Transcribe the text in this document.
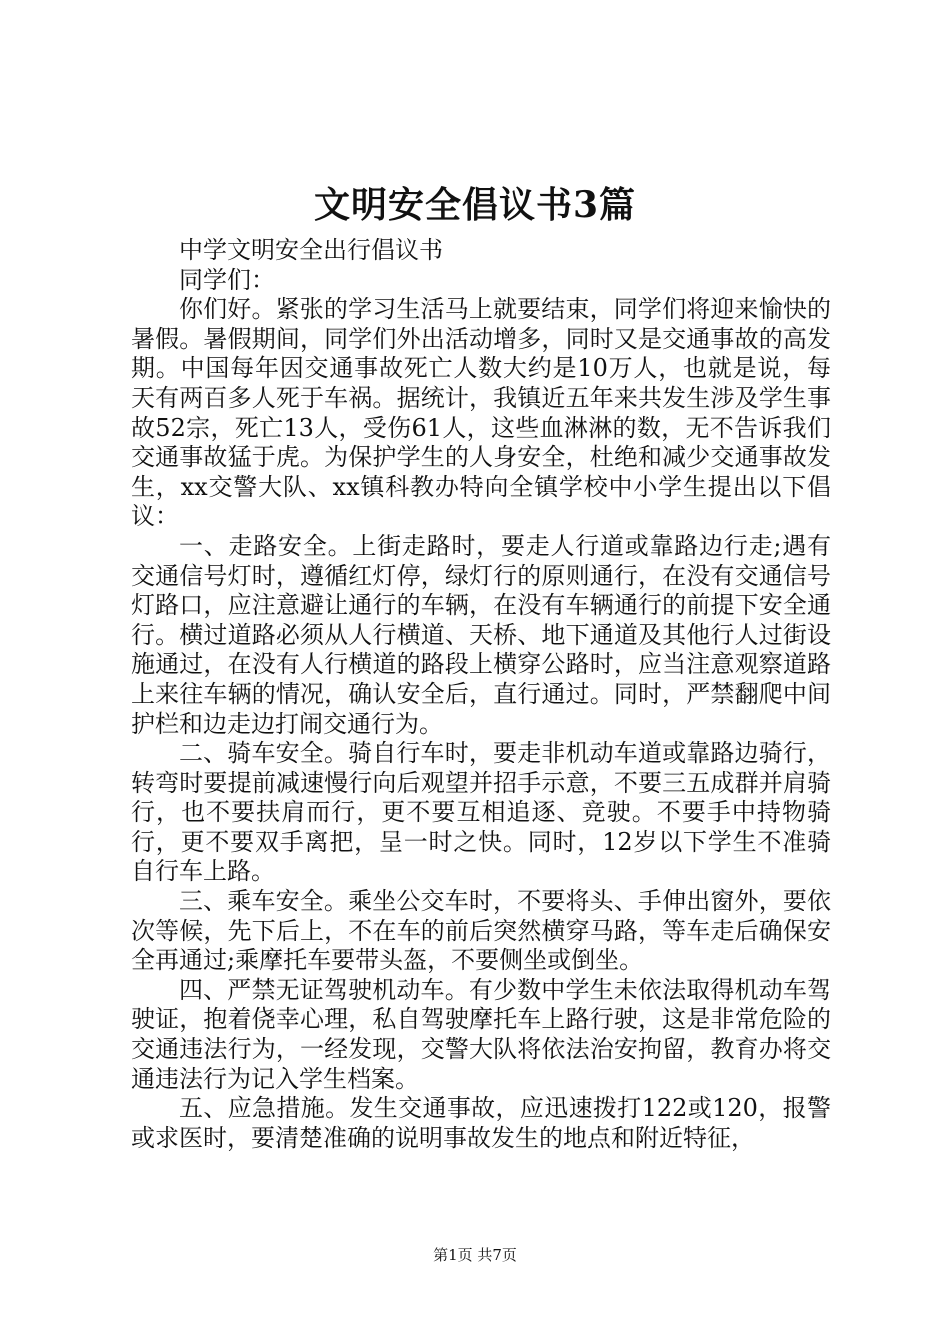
文明安全倡议书3篇

中学文明安全出行倡议书

同学们：

你们好。紧张的学习生活马上就要结束，同学们将迎来愉快的暑假。暑假期间，同学们外出活动增多，同时又是交通事故的高发期。中国每年因交通事故死亡人数大约是10万人，也就是说，每天有两百多人死于车祸。据统计，我镇近五年来共发生涉及学生事故52宗，死亡13人，受伤61人，这些血淋淋的数，无不告诉我们交通事故猛于虎。为保护学生的人身安全，杜绝和减少交通事故发生，xx交警大队、xx镇科教办特向全镇学校中小学生提出以下倡议：

一、走路安全。上街走路时，要走人行道或靠路边行走;遇有交通信号灯时，遵循红灯停，绿灯行的原则通行，在没有交通信号灯路口，应注意避让通行的车辆，在没有车辆通行的前提下安全通行。横过道路必须从人行横道、天桥、地下通道及其他行人过街设施通过，在没有人行横道的路段上横穿公路时，应当注意观察道路上来往车辆的情况，确认安全后，直行通过。同时，严禁翻爬中间护栏和边走边打闹交通行为。

二、骑车安全。骑自行车时，要走非机动车道或靠路边骑行，转弯时要提前减速慢行向后观望并招手示意，不要三五成群并肩骑行，也不要扶肩而行，更不要互相追逐、竞驶。不要手中持物骑行，更不要双手离把，呈一时之快。同时，12岁以下学生不准骑自行车上路。

三、乘车安全。乘坐公交车时，不要将头、手伸出窗外，要依次等候，先下后上，不在车的前后突然横穿马路，等车走后确保安全再通过;乘摩托车要带头盔，不要侧坐或倒坐。

四、严禁无证驾驶机动车。有少数中学生未依法取得机动车驾驶证，抱着侥幸心理，私自驾驶摩托车上路行驶，这是非常危险的交通违法行为，一经发现，交警大队将依法治安拘留，教育办将交通违法行为记入学生档案。

五、应急措施。发生交通事故，应迅速拨打122或120，报警或求医时，要清楚准确的说明事故发生的地点和附近特征，

第1页 共7页
